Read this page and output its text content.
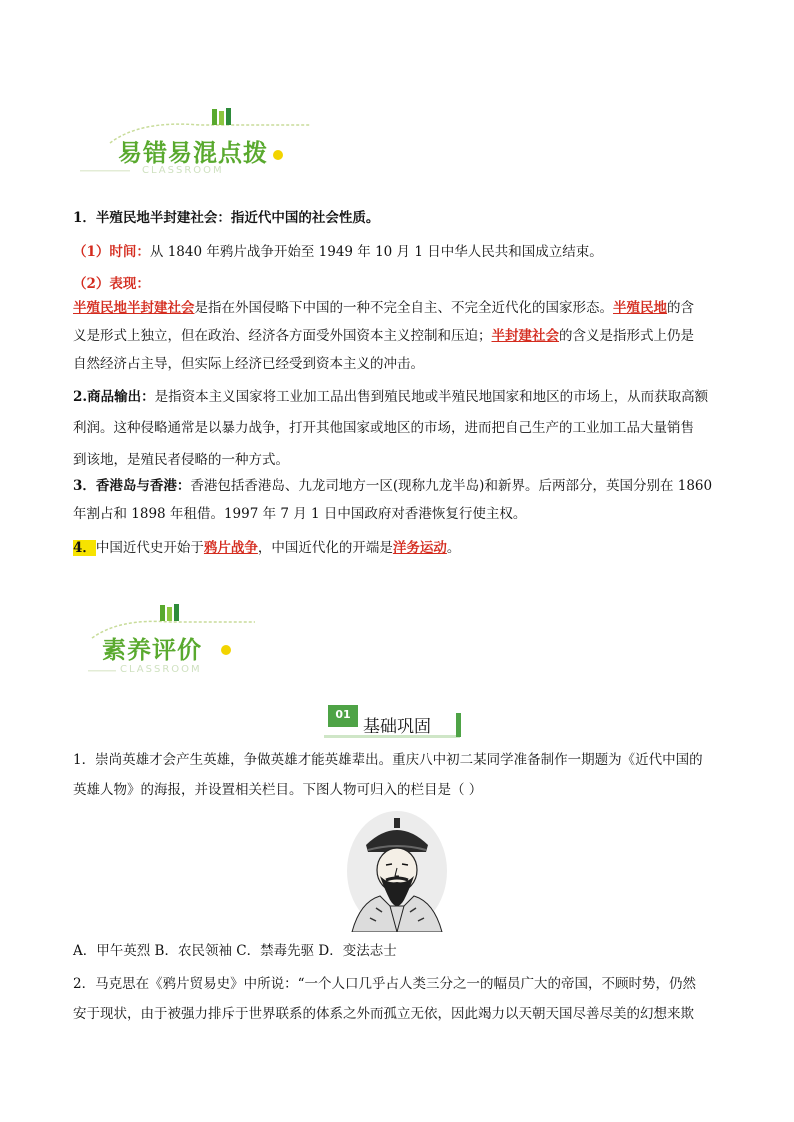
易错易混点拨
CLASSROOM
1．半殖民地半封建社会：指近代中国的社会性质。
（1）时间：从 1840 年鸦片战争开始至 1949 年 10 月 1 日中华人民共和国成立结束。
（2）表现：
半殖民地半封建社会是指在外国侵略下中国的一种不完全自主、不完全近代化的国家形态。半殖民地的含
义是形式上独立，但在政治、经济各方面受外国资本主义控制和压迫；半封建社会的含义是指形式上仍是
自然经济占主导，但实际上经济已经受到资本主义的冲击。
2.商品输出：是指资本主义国家将工业加工品出售到殖民地或半殖民地国家和地区的市场上，从而获取高额
利润。这种侵略通常是以暴力战争，打开其他国家或地区的市场，进而把自己生产的工业加工品大量销售
到该地，是殖民者侵略的一种方式。
3．香港岛与香港：香港包括香港岛、九龙司地方一区(现称九龙半岛)和新界。后两部分，英国分别在 1860
年割占和 1898 年租借。1997 年 7 月 1 日中国政府对香港恢复行使主权。
4．中国近代史开始于鸦片战争，中国近代化的开端是洋务运动。
素养评价
CLASSROOM
01
基础巩固
1．崇尚英雄才会产生英雄，争做英雄才能英雄辈出。重庆八中初二某同学准备制作一期题为《近代中国的
英雄人物》的海报，并设置相关栏目。下图人物可归入的栏目是（ ）
A．甲午英烈 B．农民领袖 C．禁毒先驱 D．变法志士
2．马克思在《鸦片贸易史》中所说：“一个人口几乎占人类三分之一的幅员广大的帝国，不顾时势，仍然
安于现状，由于被强力排斥于世界联系的体系之外而孤立无依，因此竭力以天朝天国尽善尽美的幻想来欺
